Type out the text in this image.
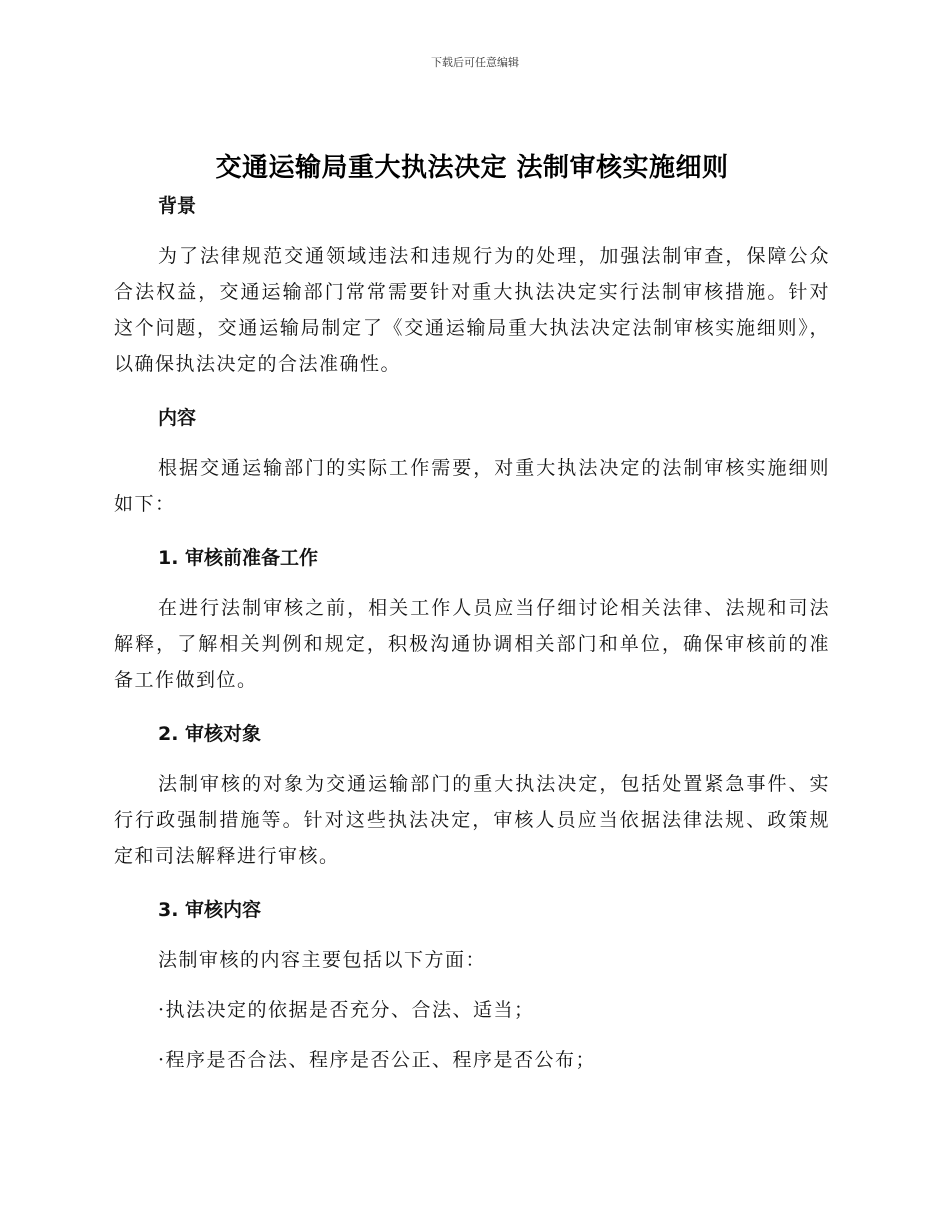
下载后可任意编辑
交通运输局重大执法决定 法制审核实施细则
背景

为了法律规范交通领域违法和违规行为的处理，加强法制审查，保障公众合法权益，交通运输部门常常需要针对重大执法决定实行法制审核措施。针对这个问题，交通运输局制定了《交通运输局重大执法决定法制审核实施细则》，以确保执法决定的合法准确性。

内容

根据交通运输部门的实际工作需要，对重大执法决定的法制审核实施细则如下：

1. 审核前准备工作

在进行法制审核之前，相关工作人员应当仔细讨论相关法律、法规和司法解释，了解相关判例和规定，积极沟通协调相关部门和单位，确保审核前的准备工作做到位。

2. 审核对象

法制审核的对象为交通运输部门的重大执法决定，包括处置紧急事件、实行行政强制措施等。针对这些执法决定，审核人员应当依据法律法规、政策规定和司法解释进行审核。

3. 审核内容

法制审核的内容主要包括以下方面：

·执法决定的依据是否充分、合法、适当；

·程序是否合法、程序是否公正、程序是否公布；
